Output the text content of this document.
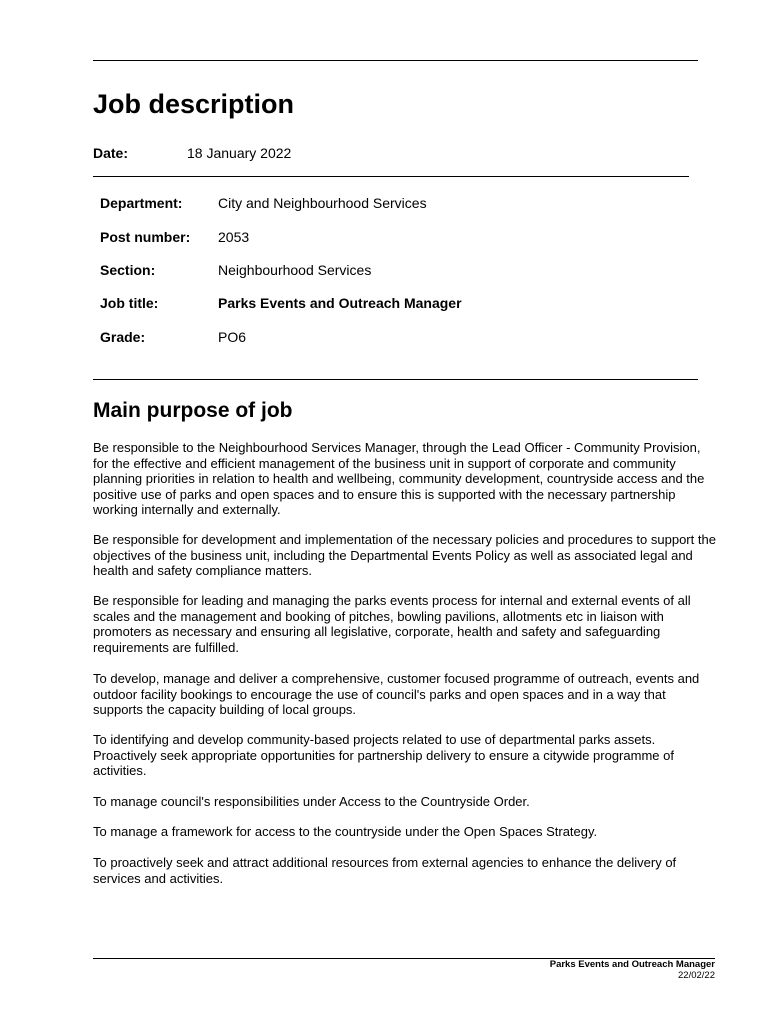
Job description
Date:	18 January 2022
Department:	City and Neighbourhood Services
Post number: 2053
Section:	Neighbourhood Services
Job title:	Parks Events and Outreach Manager
Grade:	PO6
Main purpose of job

Be responsible to the Neighbourhood Services Manager, through the Lead Officer - Community Provision, for the effective and efficient management of the business unit in support of corporate and community planning priorities in relation to health and wellbeing, community development, countryside access and the positive use of parks and open spaces and to ensure this is supported with the necessary partnership working internally and externally.

Be responsible for development and implementation of the necessary policies and procedures to support the objectives of the business unit, including the Departmental Events Policy as well as associated legal and health and safety compliance matters.

Be responsible for leading and managing the parks events process for internal and external events of all scales and the management and booking of pitches, bowling pavilions, allotments etc in liaison with promoters as necessary and ensuring all legislative, corporate, health and safety and safeguarding requirements are fulfilled.

To develop, manage and deliver a comprehensive, customer focused programme of outreach, events and outdoor facility bookings to encourage the use of council's parks and open spaces and in a way that supports the capacity building of local groups.

To identifying and develop community-based projects related to use of departmental parks assets. Proactively seek appropriate opportunities for partnership delivery to ensure a citywide programme of activities.

To manage council's responsibilities under Access to the Countryside Order.

To manage a framework for access to the countryside under the Open Spaces Strategy.

To proactively seek and attract additional resources from external agencies to enhance the delivery of services and activities.

Parks Events and Outreach Manager
22/02/22
